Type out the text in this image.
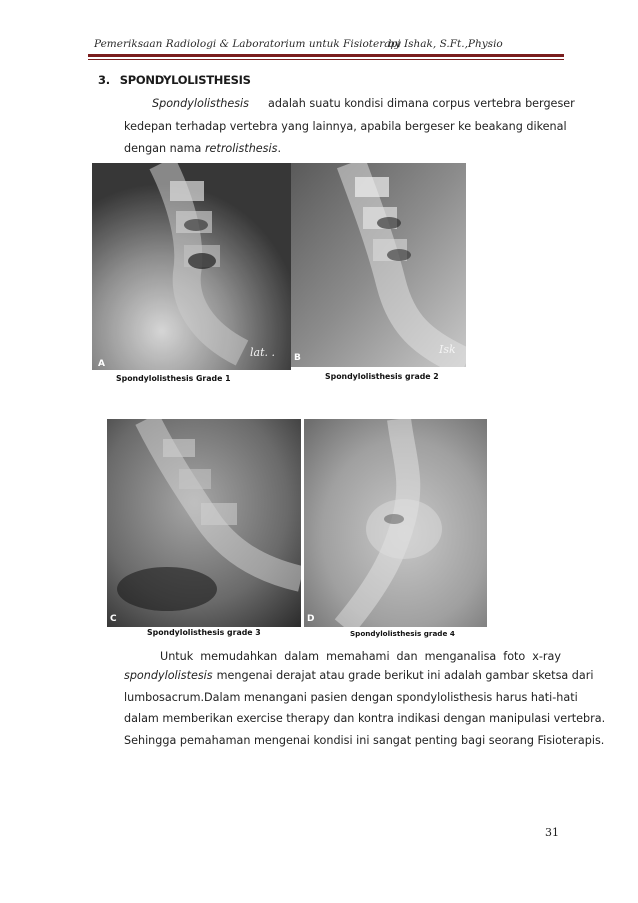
Pemeriksaan Radiologi & Laboratorium untuk Fisioterapi
by Ishak, S.Ft.,Physio
3. SPONDYLOLISTHESIS
Spondylolisthesis adalah suatu kondisi dimana corpus vertebra bergeser
kedepan terhadap vertebra yang lainnya, apabila bergeser ke beakang dikenal
dengan nama retrolisthesis.
A
lat. .
Spondylolisthesis Grade 1
B
Isk
Spondylolisthesis grade 2
C
Spondylolisthesis grade 3
D
Spondylolisthesis grade 4
Untuk memudahkan dalam memahami dan menganalisa foto x-ray
spondylolistesis mengenai derajat atau grade berikut ini adalah gambar sketsa dari
lumbosacrum.Dalam menangani pasien dengan spondylolisthesis harus hati-hati
dalam memberikan exercise therapy dan kontra indikasi dengan manipulasi vertebra.
Sehingga pemahaman mengenai kondisi ini sangat penting bagi seorang Fisioterapis.
31
